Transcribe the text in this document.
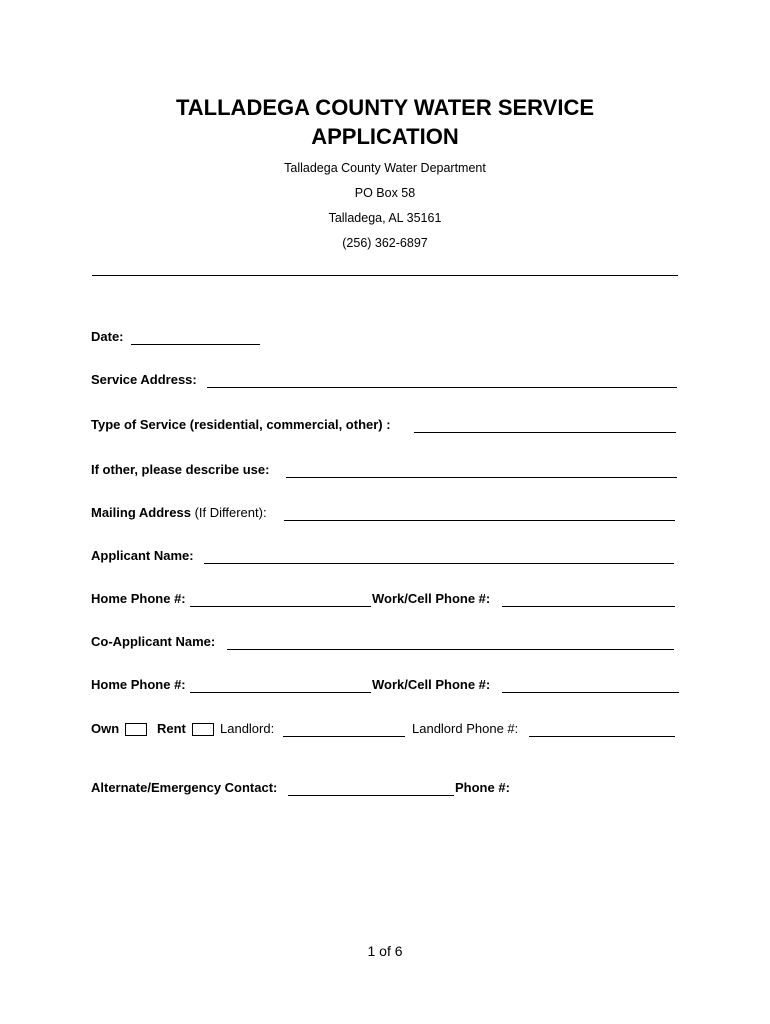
TALLADEGA COUNTY WATER SERVICE
APPLICATION
Talladega County Water Department
PO Box 58
Talladega, AL 35161
(256) 362-6897
Date:
Service Address:
Type of Service (residential, commercial, other) :
If other, please describe use:
Mailing Address (If Different):
Applicant Name:
Home Phone #:	Work/Cell Phone #:
Co-Applicant Name:
Home Phone #:	Work/Cell Phone #:
Own	Rent	Landlord:	Landlord Phone #:
Alternate/Emergency Contact:	Phone #:
1 of 6
